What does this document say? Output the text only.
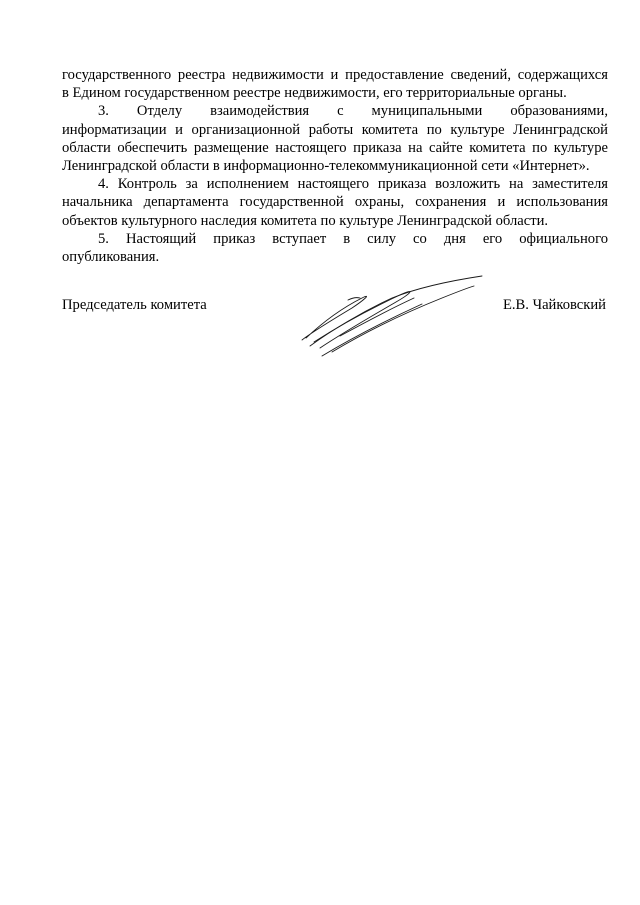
государственного реестра недвижимости и предоставление сведений, содержащихся
в Едином государственном реестре недвижимости, его территориальные органы.

3. Отделу взаимодействия с муниципальными образованиями,
информатизации и организационной работы комитета по культуре Ленинградской
области обеспечить размещение настоящего приказа на сайте комитета по культуре
Ленинградской области в информационно-телекоммуникационной сети «Интернет».

4. Контроль за исполнением настоящего приказа возложить на заместителя
начальника департамента государственной охраны, сохранения и использования
объектов культурного наследия комитета по культуре Ленинградской области.

5. Настоящий приказ вступает в силу со дня его официального
опубликования.

Председатель комитета	Е.В. Чайковский
